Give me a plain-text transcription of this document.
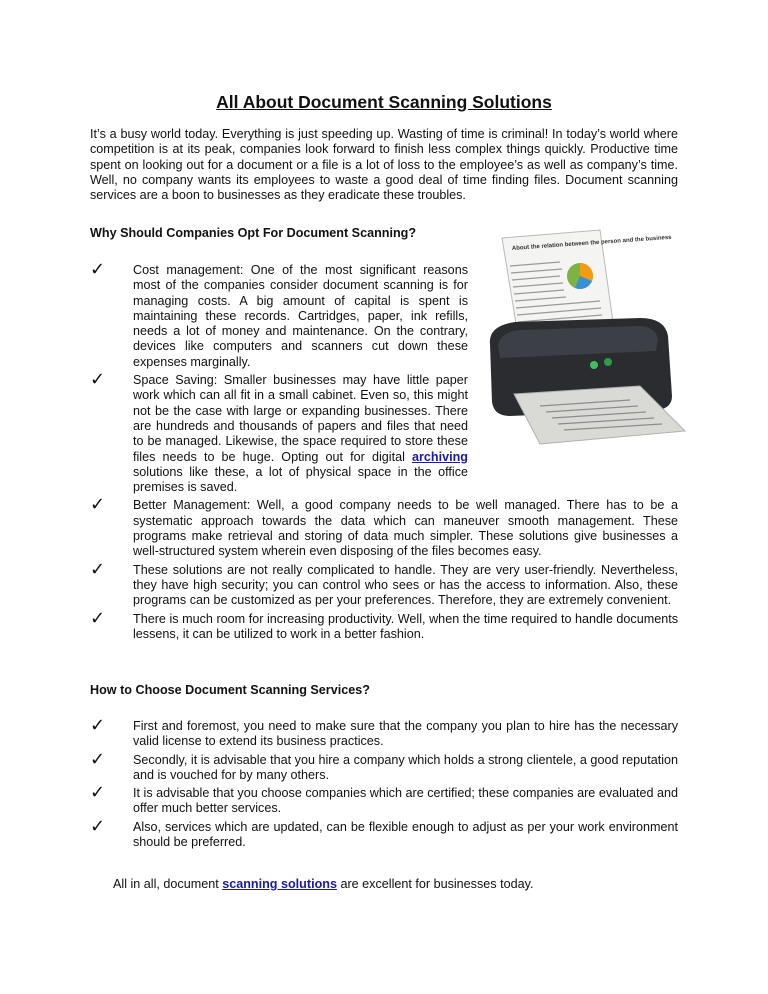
All About Document Scanning Solutions

It’s a busy world today. Everything is just speeding up. Wasting of time is criminal! In today’s world where competition is at its peak, companies look forward to finish less complex things quickly. Productive time spent on looking out for a document or a file is a lot of loss to the employee’s as well as company’s time. Well, no company wants its employees to waste a good deal of time finding files. Document scanning services are a boon to businesses as they eradicate these troubles.

Why Should Companies Opt For Document Scanning?
✓ Cost management: One of the most significant reasons most of the companies consider document scanning is for managing costs. A big amount of capital is spent is maintaining these records. Cartridges, paper, ink refills, needs a lot of money and maintenance. On the contrary, devices like computers and scanners cut down these expenses marginally.
✓ Space Saving: Smaller businesses may have little paper work which can all fit in a small cabinet. Even so, this might not be the case with large or expanding businesses. There are hundreds and thousands of papers and files that need to be managed. Likewise, the space required to store these files needs to be huge. Opting out for digital archiving solutions like these, a lot of physical space in the office premises is saved.
✓ Better Management: Well, a good company needs to be well managed. There has to be a systematic approach towards the data which can maneuver smooth management. These programs make retrieval and storing of data much simpler. These solutions give businesses a well-structured system wherein even disposing of the files becomes easy.
✓ These solutions are not really complicated to handle. They are very user-friendly. Nevertheless, they have high security; you can control who sees or has the access to information. Also, these programs can be customized as per your preferences. Therefore, they are extremely convenient.
✓ There is much room for increasing productivity. Well, when the time required to handle documents lessens, it can be utilized to work in a better fashion.
About the relation between the person and the business
How to Choose Document Scanning Services?
✓ First and foremost, you need to make sure that the company you plan to hire has the necessary valid license to extend its business practices.
✓ Secondly, it is advisable that you hire a company which holds a strong clientele, a good reputation and is vouched for by many others.
✓ It is advisable that you choose companies which are certified; these companies are evaluated and offer much better services.
✓ Also, services which are updated, can be flexible enough to adjust as per your work environment should be preferred.

All in all, document scanning solutions are excellent for businesses today.
